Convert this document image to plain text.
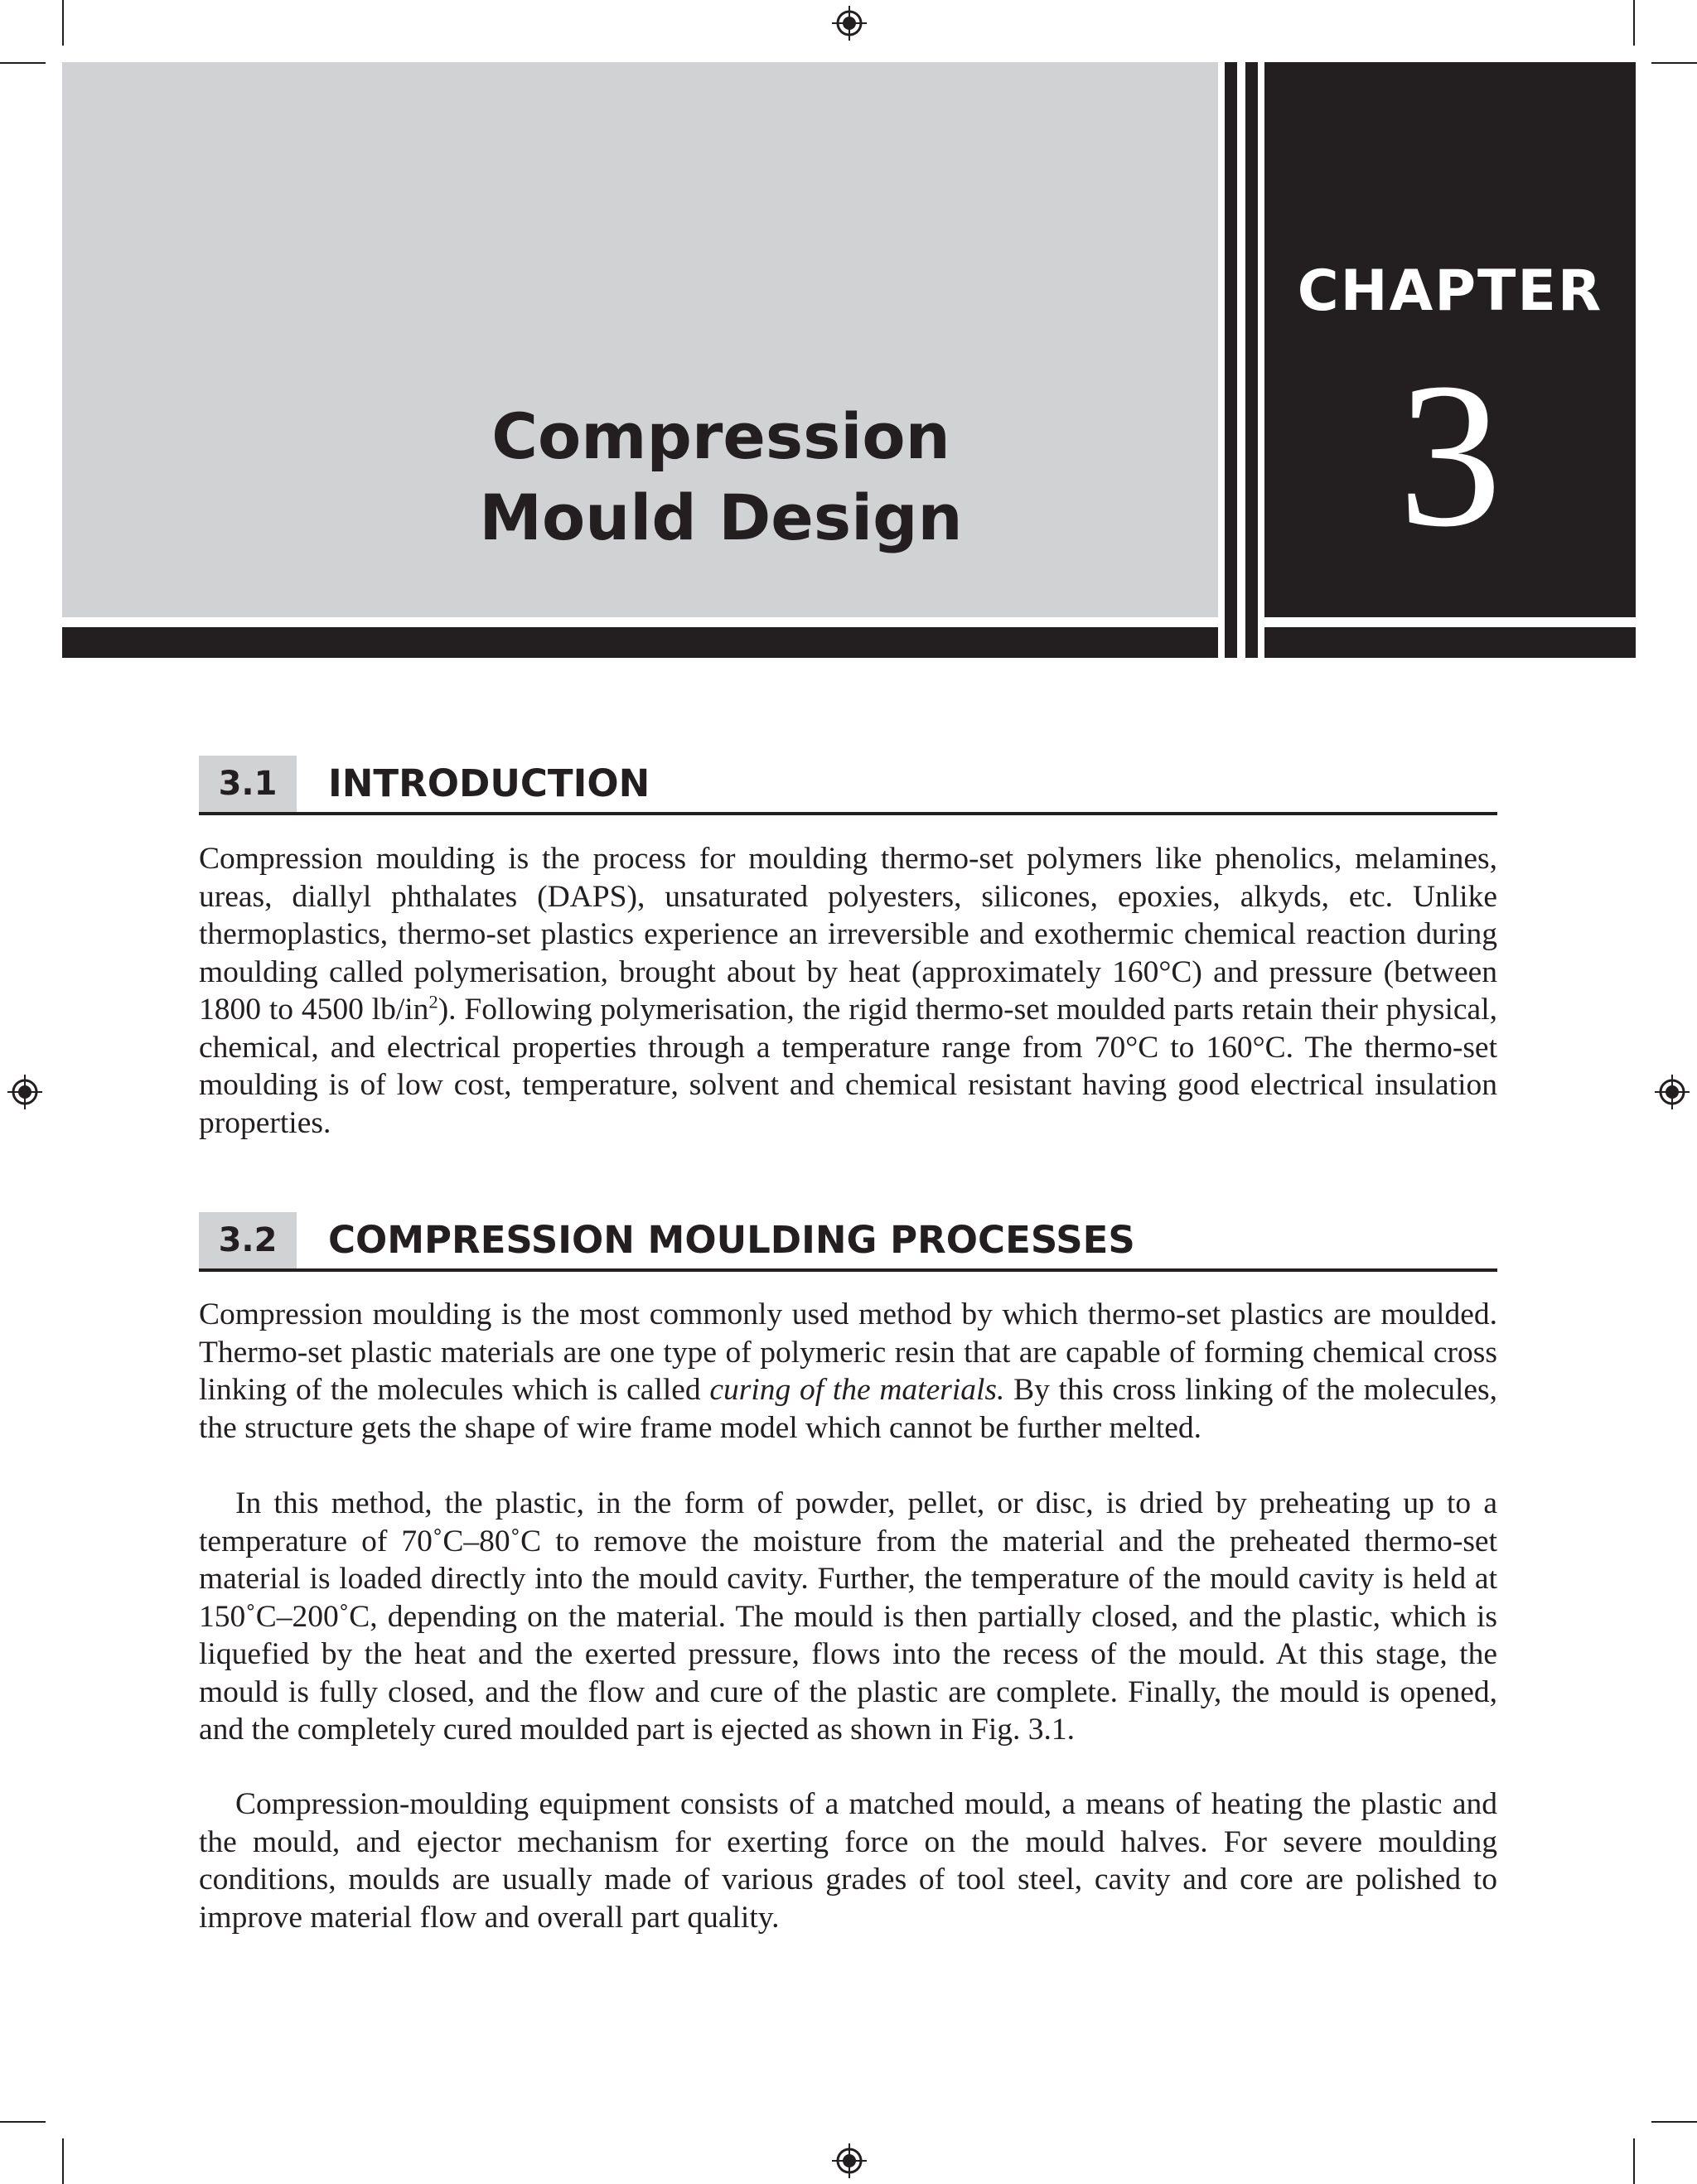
CHAPTER
3
Compression
Mould Design
3.1	INTRODUCTION

Compression moulding is the process for moulding thermo-set polymers like phenolics, melamines, ureas, diallyl phthalates (DAPS), unsaturated polyesters, silicones, epoxies, alkyds, etc. Unlike thermoplastics, thermo-set plastics experience an irreversible and exothermic chemical reaction during moulding called polymerisation, brought about by heat (approximately 160°C) and pressure (between 1800 to 4500 $lb/in^2$). Following polymerisation, the rigid thermo-set moulded parts retain their physical, chemical, and electrical properties through a temperature range from 70°C to 160°C. The thermo-set moulding is of low cost, temperature, solvent and chemical resistant having good electrical insulation properties.

3.2	COMPRESSION MOULDING PROCESSES

Compression moulding is the most commonly used method by which thermo-set plastics are moulded. Thermo-set plastic materials are one type of polymeric resin that are capable of forming chemical cross linking of the molecules which is called curing of the materials. By this cross linking of the molecules, the structure gets the shape of wire frame model which cannot be further melted.

In this method, the plastic, in the form of powder, pellet, or disc, is dried by preheating up to a temperature of 70˚C–80˚C to remove the moisture from the material and the preheated thermo-set material is loaded directly into the mould cavity. Further, the temperature of the mould cavity is held at 150˚C–200˚C, depending on the material. The mould is then partially closed, and the plastic, which is liquefied by the heat and the exerted pressure, flows into the recess of the mould. At this stage, the mould is fully closed, and the flow and cure of the plastic are complete. Finally, the mould is opened, and the completely cured moulded part is ejected as shown in Fig. 3.1.

Compression-moulding equipment consists of a matched mould, a means of heating the plastic and the mould, and ejector mechanism for exerting force on the mould halves. For severe moulding conditions, moulds are usually made of various grades of tool steel, cavity and core are polished to improve material flow and overall part quality.
